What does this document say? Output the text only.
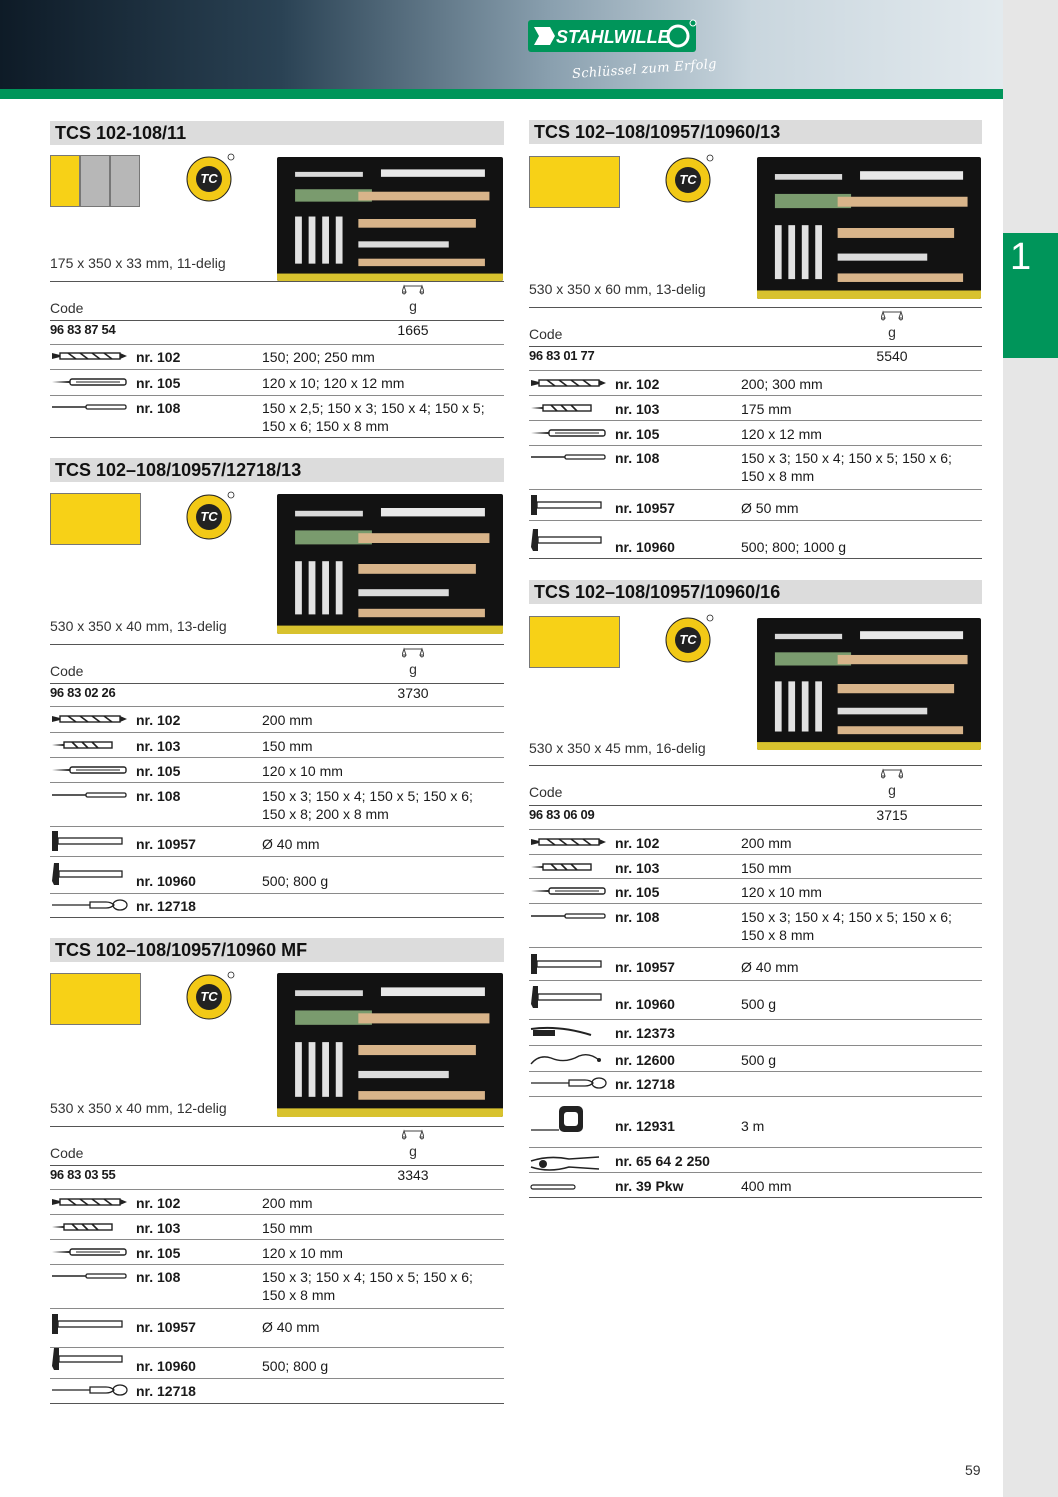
STAHLWILLE
Schlüssel zum Erfolg
1
TCS 102-108/11
TC
175 x 350 x 33 mm, 11-delig
Code	g
96 83 87 54	1665
nr. 102	150; 200; 250 mm
nr. 105	120 x 10; 120 x 12 mm
nr. 108	150 x 2,5; 150 x 3; 150 x 4; 150 x 5;
150 x 6; 150 x 8 mm
TCS 102–108/10957/12718/13
TC
530 x 350 x 40 mm, 13-delig
Code	g
96 83 02 26	3730
nr. 102	200 mm
nr. 103	150 mm
nr. 105	120 x 10 mm
nr. 108	150 x 3; 150 x 4; 150 x 5; 150 x 6;
150 x 8; 200 x 8 mm
nr. 10957	Ø 40 mm
nr. 10960	500; 800 g
nr. 12718
TCS 102–108/10957/10960 MF
TC
530 x 350 x 40 mm, 12-delig
Code	g
96 83 03 55	3343
nr. 102	200 mm
nr. 103	150 mm
nr. 105	120 x 10 mm
nr. 108	150 x 3; 150 x 4; 150 x 5; 150 x 6;
150 x 8 mm
nr. 10957	Ø 40 mm
nr. 10960	500; 800 g
nr. 12718
TCS 102–108/10957/10960/13
TC
530 x 350 x 60 mm, 13-delig
Code	g
96 83 01 77	5540
nr. 102	200; 300 mm
nr. 103	175 mm
nr. 105	120 x 12 mm
nr. 108	150 x 3; 150 x 4; 150 x 5; 150 x 6;
150 x 8 mm
nr. 10957	Ø 50 mm
nr. 10960	500; 800; 1000 g
TCS 102–108/10957/10960/16
TC
530 x 350 x 45 mm, 16-delig
Code	g
96 83 06 09	3715
nr. 102	200 mm
nr. 103	150 mm
nr. 105	120 x 10 mm
nr. 108	150 x 3; 150 x 4; 150 x 5; 150 x 6;
150 x 8 mm
nr. 10957	Ø 40 mm
nr. 10960	500 g
nr. 12373
nr. 12600	500 g
nr. 12718
nr. 12931	3 m
nr. 65 64 2 250
nr. 39 Pkw	400 mm
59
